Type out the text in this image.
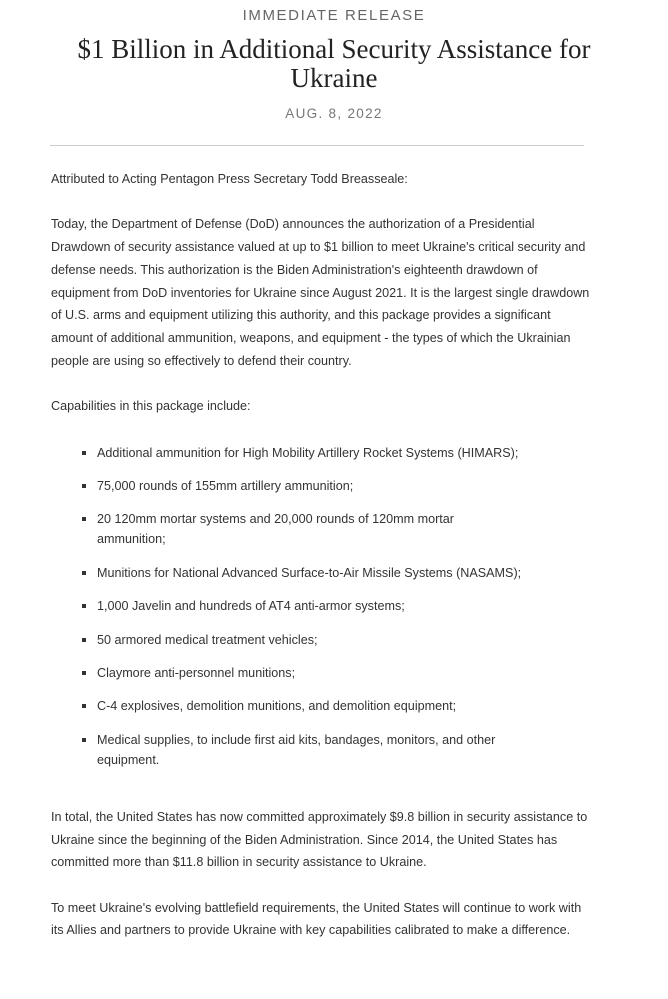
IMMEDIATE RELEASE
$1 Billion in Additional Security Assistance for Ukraine
AUG. 8, 2022

Attributed to Acting Pentagon Press Secretary Todd Breasseale:

Today, the Department of Defense (DoD) announces the authorization of a Presidential Drawdown of security assistance valued at up to $1 billion to meet Ukraine's critical security and defense needs. This authorization is the Biden Administration's eighteenth drawdown of equipment from DoD inventories for Ukraine since August 2021. It is the largest single drawdown of U.S. arms and equipment utilizing this authority, and this package provides a significant amount of additional ammunition, weapons, and equipment - the types of which the Ukrainian people are using so effectively to defend their country.

Capabilities in this package include:

Additional ammunition for High Mobility Artillery Rocket Systems (HIMARS);
75,000 rounds of 155mm artillery ammunition;
20 120mm mortar systems and 20,000 rounds of 120mm mortar ammunition;
Munitions for National Advanced Surface-to-Air Missile Systems (NASAMS);
1,000 Javelin and hundreds of AT4 anti-armor systems;
50 armored medical treatment vehicles;
Claymore anti-personnel munitions;
C-4 explosives, demolition munitions, and demolition equipment;
Medical supplies, to include first aid kits, bandages, monitors, and other equipment.

In total, the United States has now committed approximately $9.8 billion in security assistance to Ukraine since the beginning of the Biden Administration. Since 2014, the United States has committed more than $11.8 billion in security assistance to Ukraine.

To meet Ukraine's evolving battlefield requirements, the United States will continue to work with its Allies and partners to provide Ukraine with key capabilities calibrated to make a difference.
